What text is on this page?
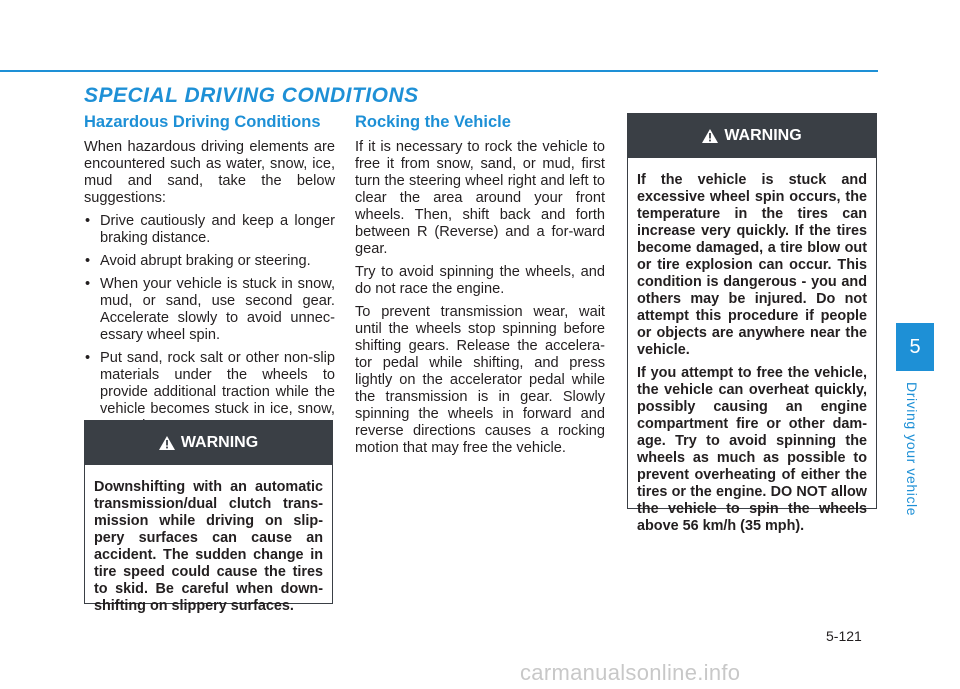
SPECIAL DRIVING CONDITIONS
Hazardous Driving Conditions

When hazardous driving elements are encountered such as water, snow, ice, mud and sand, take the below suggestions:

• Drive cautiously and keep a longer braking distance.
• Avoid abrupt braking or steering.
• When your vehicle is stuck in snow, mud, or sand, use second gear. Accelerate slowly to avoid unnec-essary wheel spin.
• Put sand, rock salt or other non-slip materials under the wheels to provide additional traction while the vehicle becomes stuck in ice, snow,
WARNING

Downshifting with an automatic transmission/dual clutch trans-mission while driving on slip-pery surfaces can cause an accident. The sudden change in tire speed could cause the tires to skid. Be careful when down-shifting on slippery surfaces.

Rocking the Vehicle

If it is necessary to rock the vehicle to free it from snow, sand, or mud, first turn the steering wheel right and left to clear the area around your front wheels. Then, shift back and forth between R (Reverse) and a for-ward gear.

Try to avoid spinning the wheels, and do not race the engine.

To prevent transmission wear, wait until the wheels stop spinning before shifting gears. Release the accelera-tor pedal while shifting, and press lightly on the accelerator pedal while the transmission is in gear. Slowly spinning the wheels in forward and reverse directions causes a rocking motion that may free the vehicle.

WARNING

If the vehicle is stuck and excessive wheel spin occurs, the temperature in the tires can increase very quickly. If the tires become damaged, a tire blow out or tire explosion can occur. This condition is dangerous - you and others may be injured. Do not attempt this procedure if people or objects are anywhere near the vehicle.

If you attempt to free the vehicle, the vehicle can overheat quickly, possibly causing an engine compartment fire or other dam-age. Try to avoid spinning the wheels as much as possible to prevent overheating of either the tires or the engine. DO NOT allow the vehicle to spin the wheels above 56 km/h (35 mph).

5
Driving your vehicle
5-121
carmanualsonline.info
